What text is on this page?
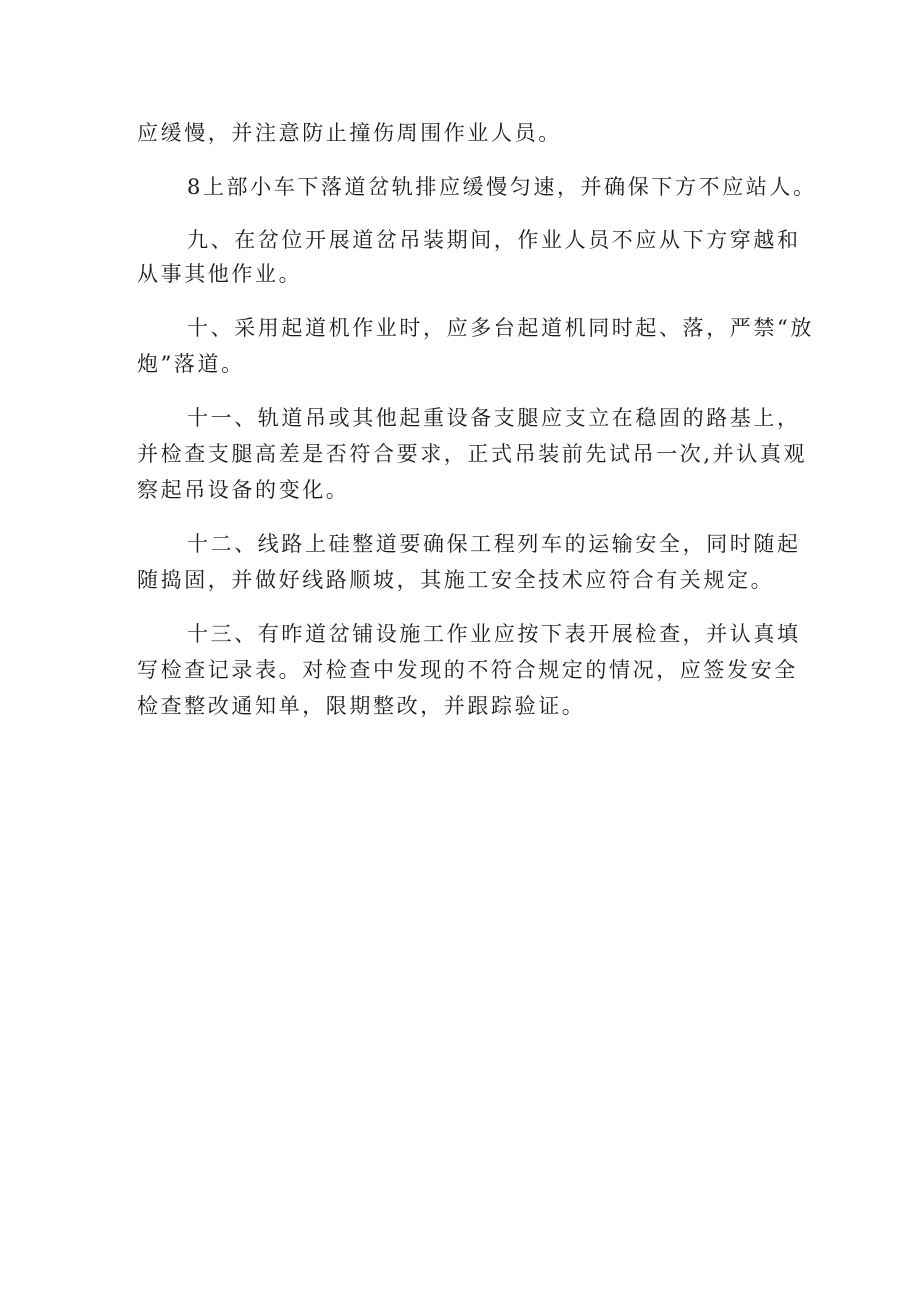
应缓慢，并注意防止撞伤周围作业人员。

8上部小车下落道岔轨排应缓慢匀速，并确保下方不应站人。

九、在岔位开展道岔吊装期间，作业人员不应从下方穿越和

从事其他作业。

十、采用起道机作业时，应多台起道机同时起、落，严禁“放

炮”落道。

十一、轨道吊或其他起重设备支腿应支立在稳固的路基上，

并检查支腿高差是否符合要求，正式吊装前先试吊一次,并认真观

察起吊设备的变化。

十二、线路上硅整道要确保工程列车的运输安全，同时随起

随捣固，并做好线路顺坡，其施工安全技术应符合有关规定。

十三、有昨道岔铺设施工作业应按下表开展检查，并认真填

写检查记录表。对检查中发现的不符合规定的情况，应签发安全

检查整改通知单，限期整改，并跟踪验证。
